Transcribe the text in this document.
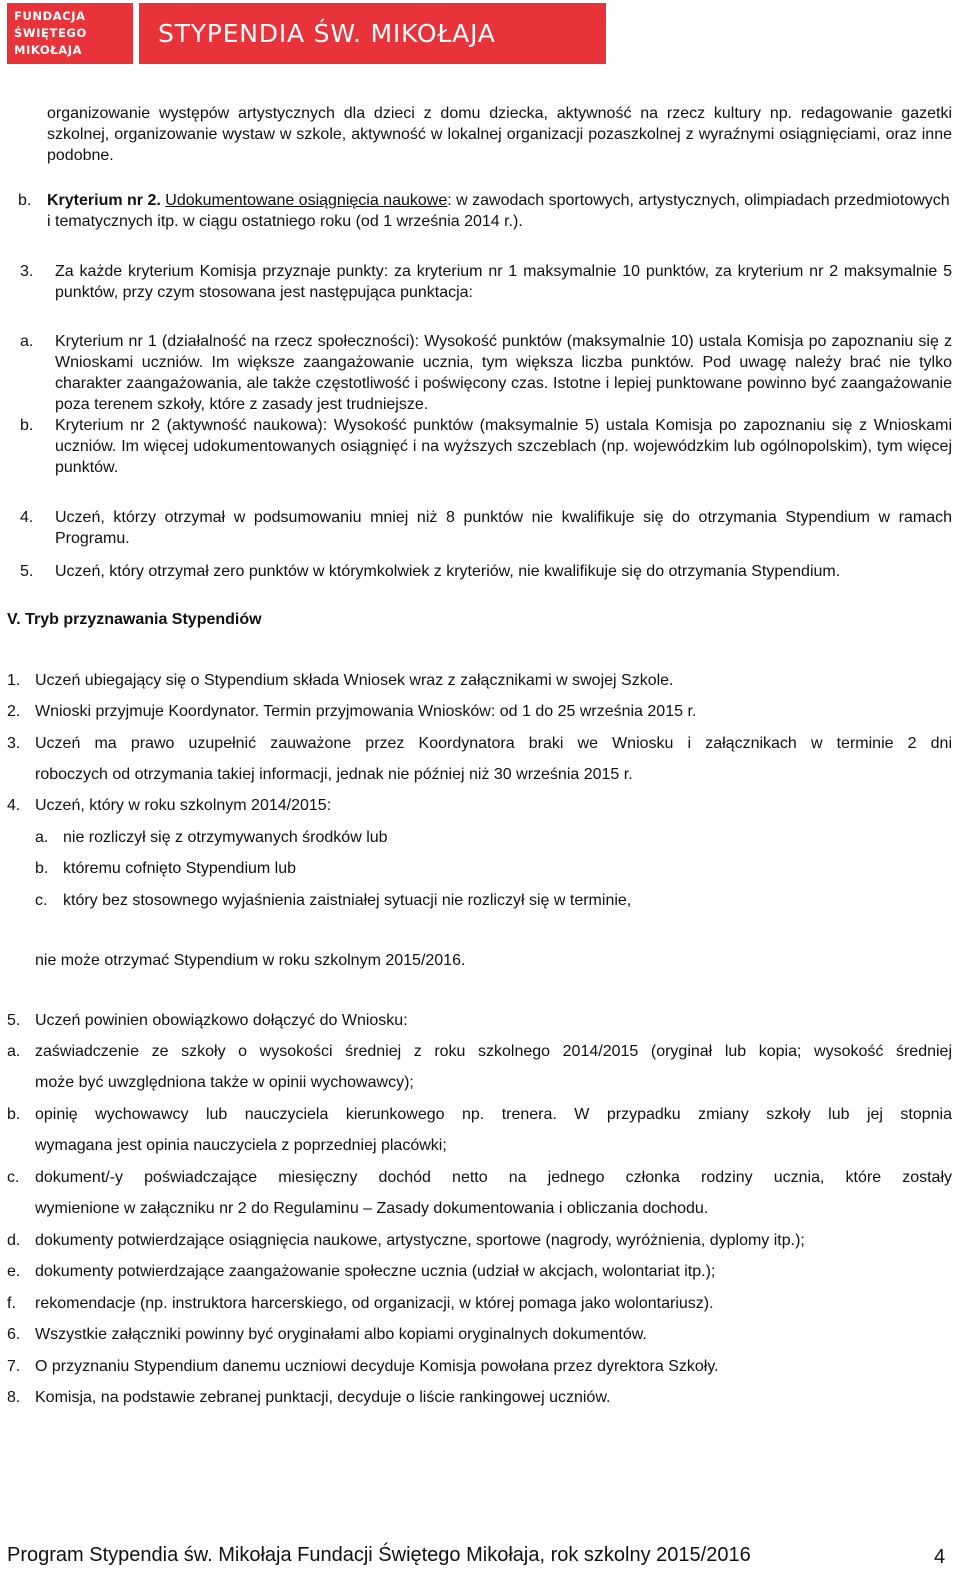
FUNDACJA
ŚWIĘTEGO
MIKOŁAJA
STYPENDIA ŚW. MIKOŁAJA
organizowanie występów artystycznych dla dzieci z domu dziecka, aktywność na rzecz kultury np. redagowanie gazetki szkolnej, organizowanie wystaw w szkole, aktywność w lokalnej organizacji pozaszkolnej z wyraźnymi osiągnięciami, oraz inne podobne.
b. Kryterium nr 2. Udokumentowane osiągnięcia naukowe: w zawodach sportowych, artystycznych, olimpiadach przedmiotowych i tematycznych itp. w ciągu ostatniego roku (od 1 września 2014 r.).
3. Za każde kryterium Komisja przyznaje punkty: za kryterium nr 1 maksymalnie 10 punktów, za kryterium nr 2 maksymalnie 5 punktów, przy czym stosowana jest następująca punktacja:
a. Kryterium nr 1 (działalność na rzecz społeczności): Wysokość punktów (maksymalnie 10) ustala Komisja po zapoznaniu się z Wnioskami uczniów. Im większe zaangażowanie ucznia, tym większa liczba punktów. Pod uwagę należy brać nie tylko charakter zaangażowania, ale także częstotliwość i poświęcony czas. Istotne i lepiej punktowane powinno być zaangażowanie poza terenem szkoły, które z zasady jest trudniejsze.
b. Kryterium nr 2 (aktywność naukowa): Wysokość punktów (maksymalnie 5) ustala Komisja po zapoznaniu się z Wnioskami uczniów. Im więcej udokumentowanych osiągnięć i na wyższych szczeblach (np. wojewódzkim lub ogólnopolskim), tym więcej punktów.
4. Uczeń, którzy otrzymał w podsumowaniu mniej niż 8 punktów nie kwalifikuje się do otrzymania Stypendium w ramach Programu.
5. Uczeń, który otrzymał zero punktów w którymkolwiek z kryteriów, nie kwalifikuje się do otrzymania Stypendium.
V. Tryb przyznawania Stypendiów
1. Uczeń ubiegający się o Stypendium składa Wniosek wraz z załącznikami w swojej Szkole.
2. Wnioski przyjmuje Koordynator. Termin przyjmowania Wniosków: od 1 do 25 września 2015 r.
3. Uczeń ma prawo uzupełnić zauważone przez Koordynatora braki we Wniosku i załącznikach w terminie 2 dni
roboczych od otrzymania takiej informacji, jednak nie później niż 30 września 2015 r.
4. Uczeń, który w roku szkolnym 2014/2015:
a. nie rozliczył się z otrzymywanych środków lub
b. któremu cofnięto Stypendium lub
c. który bez stosownego wyjaśnienia zaistniałej sytuacji nie rozliczył się w terminie,
nie może otrzymać Stypendium w roku szkolnym 2015/2016.
5. Uczeń powinien obowiązkowo dołączyć do Wniosku:
a. zaświadczenie ze szkoły o wysokości średniej z roku szkolnego 2014/2015 (oryginał lub kopia; wysokość średniej
może być uwzględniona także w opinii wychowawcy);
b. opinię wychowawcy lub nauczyciela kierunkowego np. trenera. W przypadku zmiany szkoły lub jej stopnia
wymagana jest opinia nauczyciela z poprzedniej placówki;
c. dokument/-y poświadczające miesięczny dochód netto na jednego członka rodziny ucznia, które zostały
wymienione w załączniku nr 2 do Regulaminu – Zasady dokumentowania i obliczania dochodu.
d. dokumenty potwierdzające osiągnięcia naukowe, artystyczne, sportowe (nagrody, wyróżnienia, dyplomy itp.);
e. dokumenty potwierdzające zaangażowanie społeczne ucznia (udział w akcjach, wolontariat itp.);
f. rekomendacje (np. instruktora harcerskiego, od organizacji, w której pomaga jako wolontariusz).
6. Wszystkie załączniki powinny być oryginałami albo kopiami oryginalnych dokumentów.
7. O przyznaniu Stypendium danemu uczniowi decyduje Komisja powołana przez dyrektora Szkoły.
8. Komisja, na podstawie zebranej punktacji, decyduje o liście rankingowej uczniów.
Program Stypendia św. Mikołaja Fundacji Świętego Mikołaja, rok szkolny 2015/2016	4
